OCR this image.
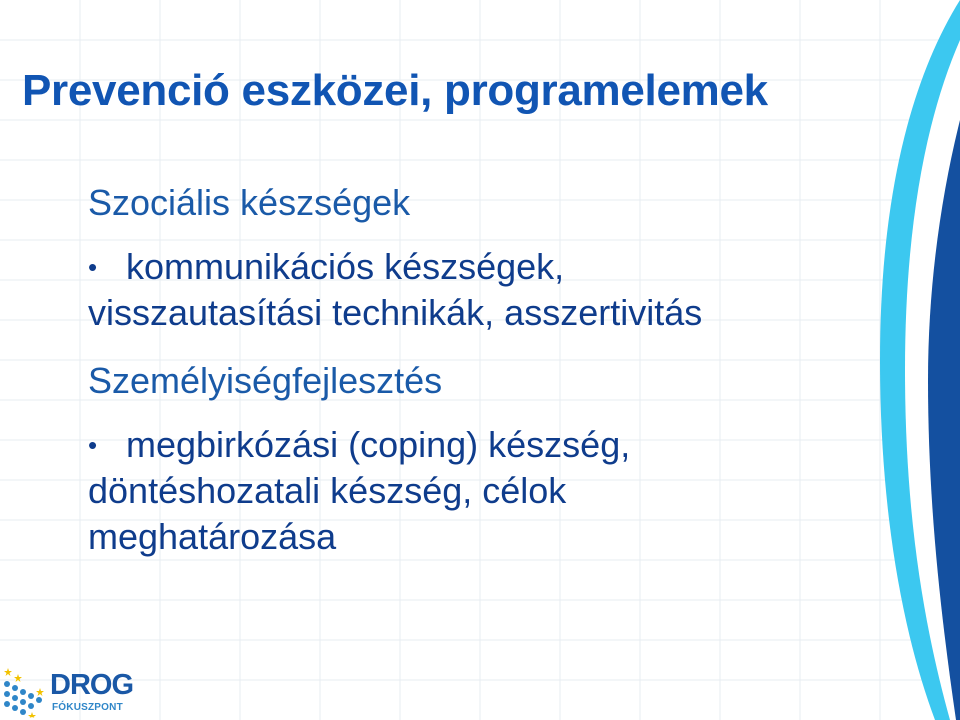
Prevenció eszközei, programelemek
Szociális készségek
• kommunikációs készségek,
visszautasítási technikák, asszertivitás
Személyiségfejlesztés
• megbirkózási (coping) készség,
döntéshozatali készség, célok
meghatározása
DROG
FÓKUSZPONT
